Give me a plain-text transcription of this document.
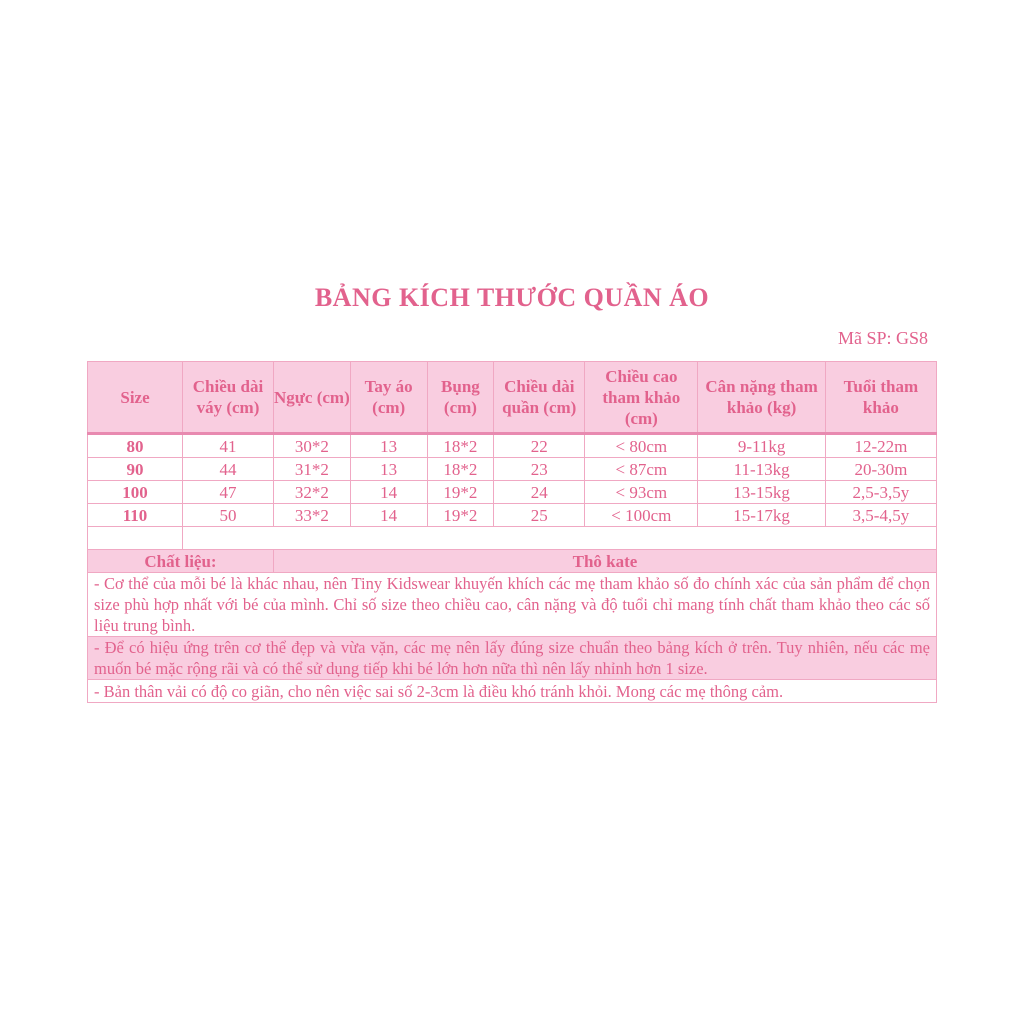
BẢNG KÍCH THƯỚC QUẦN ÁO
Mã SP: GS8
Size	Chiều dài váy (cm)	Ngực (cm)	Tay áo (cm)	Bụng (cm)	Chiều dài quần (cm)	Chiều cao tham khảo (cm)	Cân nặng tham khảo (kg)	Tuổi tham khảo
80	41	30*2	13	18*2	22	< 80cm	9-11kg	12-22m
90	44	31*2	13	18*2	23	< 87cm	11-13kg	20-30m
100	47	32*2	14	19*2	24	< 93cm	13-15kg	2,5-3,5y
110	50	33*2	14	19*2	25	< 100cm	15-17kg	3,5-4,5y

Chất liệu:		Thô kate						
- Cơ thể của mỗi bé là khác nhau, nên Tiny Kidswear khuyến khích các mẹ tham khảo số đo chính xác của sản phẩm để chọn size phù hợp nhất với bé của mình. Chỉ số size theo chiều cao, cân nặng và độ tuổi chỉ mang tính chất tham khảo theo các số liệu trung bình.								
- Để có hiệu ứng trên cơ thể đẹp và vừa vặn, các mẹ nên lấy đúng size chuẩn theo bảng kích ở trên. Tuy nhiên, nếu các mẹ muốn bé mặc rộng rãi và có thể sử dụng tiếp khi bé lớn hơn nữa thì nên lấy nhỉnh hơn 1 size.								
- Bản thân vải có độ co giãn, cho nên việc sai số 2-3cm là điều khó tránh khỏi. Mong các mẹ thông cảm.								
